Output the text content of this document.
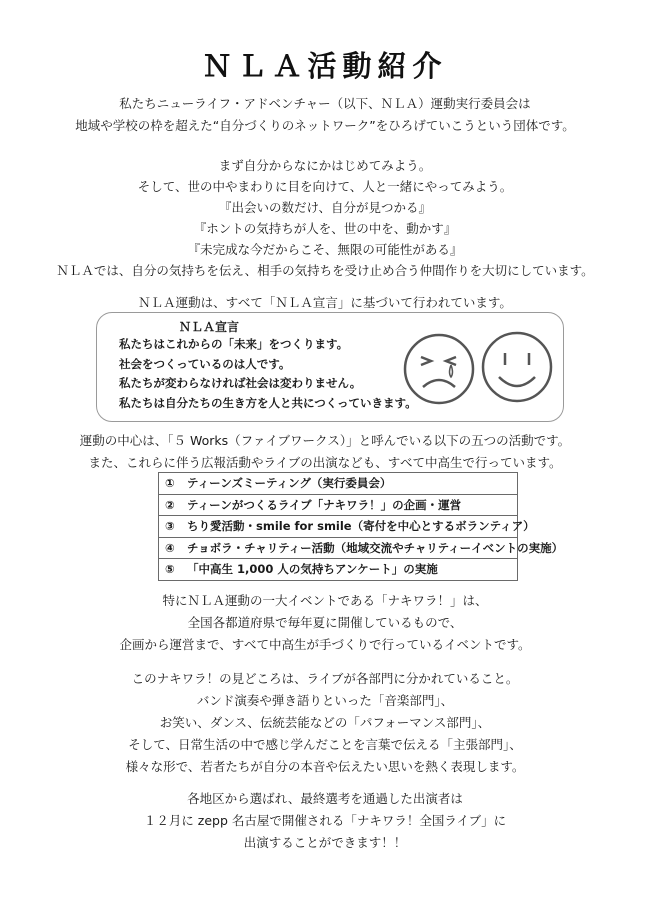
ＮＬＡ活動紹介
私たちニューライフ・アドベンチャー（以下、ＮＬＡ）運動実行委員会は
地域や学校の枠を超えた“自分づくりのネットワーク”をひろげていこうという団体です。
まず自分からなにかはじめてみよう。
そして、世の中やまわりに目を向けて、人と一緒にやってみよう。
『出会いの数だけ、自分が見つかる』
『ホントの気持ちが人を、世の中を、動かす』
『未完成な今だからこそ、無限の可能性がある』
ＮＬＡでは、自分の気持ちを伝え、相手の気持ちを受け止め合う仲間作りを大切にしています。
ＮＬＡ運動は、すべて「ＮＬＡ宣言」に基づいて行われています。
ＮＬＡ宣言
私たちはこれからの「未来」をつくります。
社会をつくっているのは人です。
私たちが変わらなければ社会は変わりません。
私たちは自分たちの生き方を人と共につくっていきます。
運動の中心は、「５ Works（ファイブワークス）」と呼んでいる以下の五つの活動です。
また、これらに伴う広報活動やライブの出演なども、すべて中高生で行っています。
① ティーンズミーティング（実行委員会）
② ティーンがつくるライブ「ナキワラ！」の企画・運営
③ ちり愛活動・smile for smile（寄付を中心とするボランティア）
④ チョボラ・チャリティー活動（地域交流やチャリティーイベントの実施）
⑤ 「中高生 1,000 人の気持ちアンケート」の実施
特にＮＬＡ運動の一大イベントである「ナキワラ！」は、
全国各都道府県で毎年夏に開催しているもので、
企画から運営まで、すべて中高生が手づくりで行っているイベントです。
このナキワラ！の見どころは、ライブが各部門に分かれていること。
バンド演奏や弾き語りといった「音楽部門」、
お笑い、ダンス、伝統芸能などの「パフォーマンス部門」、
そして、日常生活の中で感じ学んだことを言葉で伝える「主張部門」、
様々な形で、若者たちが自分の本音や伝えたい思いを熱く表現します。
各地区から選ばれ、最終選考を通過した出演者は
１２月に zepp 名古屋で開催される「ナキワラ！全国ライブ」に
出演することができます！！
